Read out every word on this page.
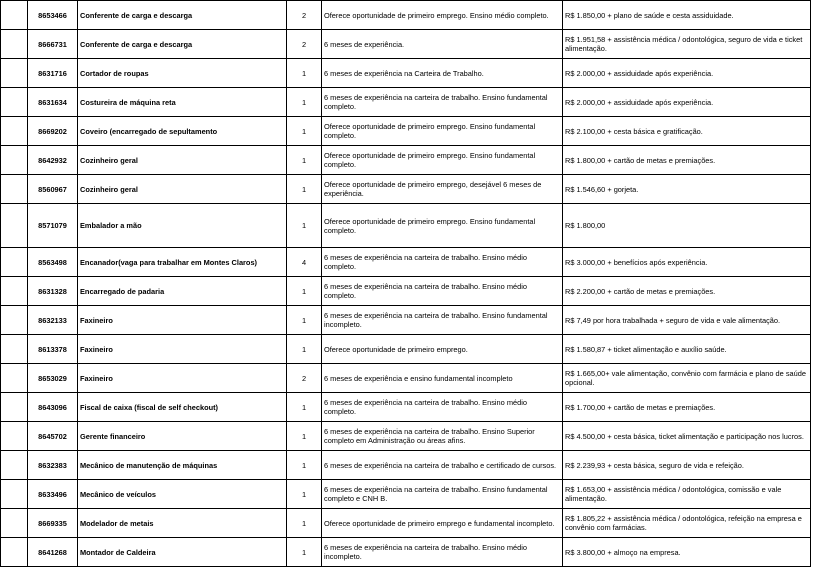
	8653466	Conferente de carga e descarga	2	Oferece oportunidade de primeiro emprego. Ensino médio completo.	R$ 1.850,00 + plano de saúde e cesta assiduidade.
	8666731	Conferente de carga e descarga	2	6 meses de experiência.	R$ 1.951,58 + assistência médica / odontológica, seguro de vida e ticket alimentação.
	8631716	Cortador de roupas	1	6 meses de experiência na Carteira de Trabalho.	R$ 2.000,00 + assiduidade após experiência.
	8631634	Costureira de máquina reta	1	6 meses de experiência na carteira de trabalho. Ensino fundamental completo.	R$ 2.000,00 + assiduidade após experiência.
	8669202	Coveiro (encarregado de sepultamento	1	Oferece oportunidade de primeiro emprego. Ensino fundamental completo.	R$ 2.100,00 + cesta básica e gratificação.
	8642932	Cozinheiro geral	1	Oferece oportunidade de primeiro emprego. Ensino fundamental completo.	R$ 1.800,00 + cartão de metas e premiações.
	8560967	Cozinheiro geral	1	Oferece oportunidade de primeiro emprego, desejável 6 meses de experiência.	R$ 1.546,60 + gorjeta.
	8571079	Embalador a mão	1	Oferece oportunidade de primeiro emprego. Ensino fundamental completo.	R$ 1.800,00
	8563498	Encanador(vaga para trabalhar em Montes Claros)	4	6 meses de experiência na carteira de trabalho. Ensino médio completo.	R$ 3.000,00 + benefícios após experiência.
	8631328	Encarregado de padaria	1	6 meses de experiência na carteira de trabalho. Ensino médio completo.	R$ 2.200,00 + cartão de metas e premiações.
	8632133	Faxineiro	1	6 meses de experiência na carteira de trabalho. Ensino fundamental incompleto.	R$ 7,49 por hora trabalhada + seguro de vida e vale alimentação.
	8613378	Faxineiro	1	Oferece oportunidade de primeiro emprego.	R$ 1.580,87 + ticket alimentação e auxílio saúde.
	8653029	Faxineiro	2	6 meses de experiência e ensino fundamental incompleto	R$ 1.665,00+ vale alimentação, convênio com farmácia e plano de saúde opcional.
	8643096	Fiscal de caixa (fiscal de self checkout)	1	6 meses de experiência na carteira de trabalho. Ensino médio completo.	R$ 1.700,00 + cartão de metas e premiações.
	8645702	Gerente financeiro	1	6 meses de experiência na carteira de trabalho. Ensino Superior completo em Administração ou áreas afins.	R$ 4.500,00 + cesta básica, ticket alimentação e participação nos lucros.
	8632383	Mecânico de manutenção de máquinas	1	6 meses de experiência na carteira de trabalho e certificado de cursos.	R$ 2.239,93 + cesta básica, seguro de vida e refeição.
	8633496	Mecânico de veículos	1	6 meses de experiência na carteira de trabalho. Ensino fundamental completo e CNH B.	R$ 1.653,00 + assistência médica / odontológica, comissão e vale alimentação.
	8669335	Modelador de metais	1	Oferece oportunidade de primeiro emprego e fundamental incompleto.	R$ 1.805,22 + assistência médica / odontológica, refeição na empresa e convênio com farmácias.
	8641268	Montador de Caldeira	1	6 meses de experiência na carteira de trabalho. Ensino médio incompleto.	R$ 3.800,00 + almoço na empresa.
